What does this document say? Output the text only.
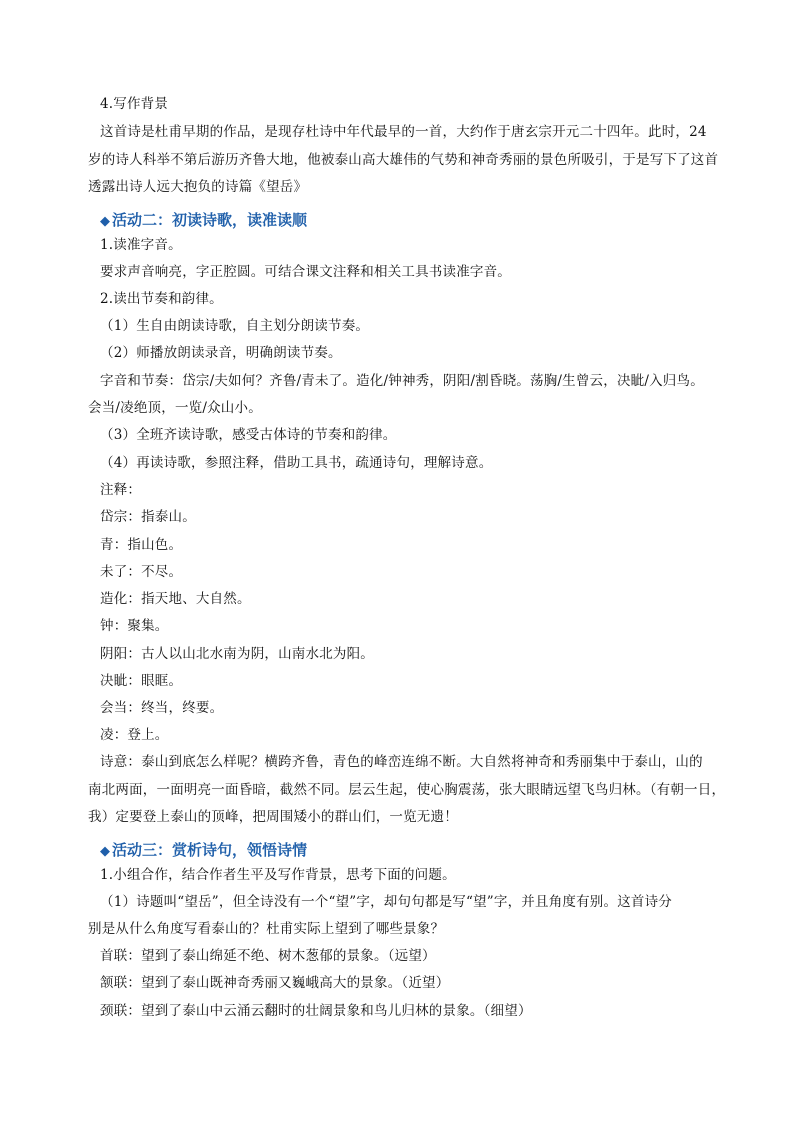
4.写作背景
这首诗是杜甫早期的作品，是现存杜诗中年代最早的一首，大约作于唐玄宗开元二十四年。此时，24
岁的诗人科举不第后游历齐鲁大地，他被泰山高大雄伟的气势和神奇秀丽的景色所吸引，于是写下了这首
透露出诗人远大抱负的诗篇《望岳》
◆ 活动二：初读诗歌，读准读顺
1.读准字音。
要求声音响亮，字正腔圆。可结合课文注释和相关工具书读准字音。
2.读出节奏和韵律。
（1）生自由朗读诗歌，自主划分朗读节奏。
（2）师播放朗读录音，明确朗读节奏。
字音和节奏：岱宗/夫如何？齐鲁/青未了。造化/钟神秀，阴阳/割昏晓。荡胸/生曾云，决眦/入归鸟。
会当/凌绝顶，一览/众山小。
（3）全班齐读诗歌，感受古体诗的节奏和韵律。
（4）再读诗歌，参照注释，借助工具书，疏通诗句，理解诗意。
注释：
岱宗：指泰山。
青：指山色。
未了：不尽。
造化：指天地、大自然。
钟：聚集。
阴阳：古人以山北水南为阴，山南水北为阳。
决眦：眼眶。
会当：终当，终要。
凌：登上。
诗意：泰山到底怎么样呢？横跨齐鲁，青色的峰峦连绵不断。大自然将神奇和秀丽集中于泰山，山的
南北两面，一面明亮一面昏暗，截然不同。层云生起，使心胸震荡，张大眼睛远望飞鸟归林。（有朝一日，
我）定要登上泰山的顶峰，把周围矮小的群山们，一览无遗！
◆ 活动三：赏析诗句，领悟诗情
1.小组合作，结合作者生平及写作背景，思考下面的问题。
（1）诗题叫“望岳”，但全诗没有一个“望”字，却句句都是写“望”字，并且角度有别。这首诗分
别是从什么角度写看泰山的？杜甫实际上望到了哪些景象？
首联：望到了泰山绵延不绝、树木葱郁的景象。（远望）
颔联：望到了泰山既神奇秀丽又巍峨高大的景象。（近望）
颈联：望到了泰山中云涌云翻时的壮阔景象和鸟儿归林的景象。（细望）
